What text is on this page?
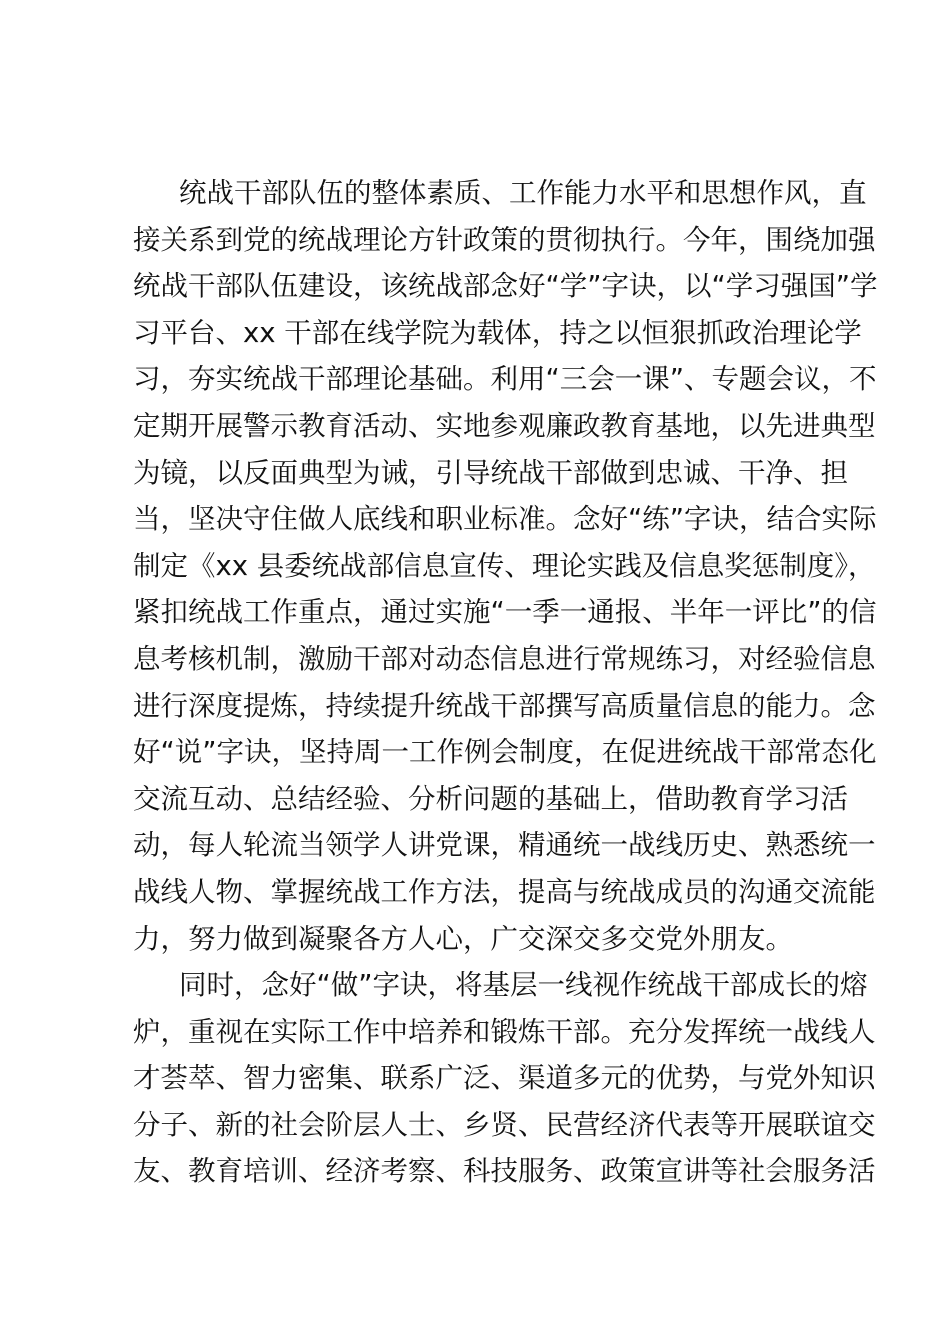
统战干部队伍的整体素质、工作能力水平和思想作风，直
接关系到党的统战理论方针政策的贯彻执行。今年，围绕加强
统战干部队伍建设，该统战部念好“学”字诀，以“学习强国”学
习平台、xx 干部在线学院为载体，持之以恒狠抓政治理论学
习，夯实统战干部理论基础。利用“三会一课”、专题会议，不
定期开展警示教育活动、实地参观廉政教育基地，以先进典型
为镜，以反面典型为诫，引导统战干部做到忠诚、干净、担
当，坚决守住做人底线和职业标准。念好“练”字诀，结合实际
制定《xx 县委统战部信息宣传、理论实践及信息奖惩制度》，
紧扣统战工作重点，通过实施“一季一通报、半年一评比”的信
息考核机制，激励干部对动态信息进行常规练习，对经验信息
进行深度提炼，持续提升统战干部撰写高质量信息的能力。念
好“说”字诀，坚持周一工作例会制度，在促进统战干部常态化
交流互动、总结经验、分析问题的基础上，借助教育学习活
动，每人轮流当领学人讲党课，精通统一战线历史、熟悉统一
战线人物、掌握统战工作方法，提高与统战成员的沟通交流能
力，努力做到凝聚各方人心，广交深交多交党外朋友。
同时，念好“做”字诀，将基层一线视作统战干部成长的熔
炉，重视在实际工作中培养和锻炼干部。充分发挥统一战线人
才荟萃、智力密集、联系广泛、渠道多元的优势，与党外知识
分子、新的社会阶层人士、乡贤、民营经济代表等开展联谊交
友、教育培训、经济考察、科技服务、政策宣讲等社会服务活
